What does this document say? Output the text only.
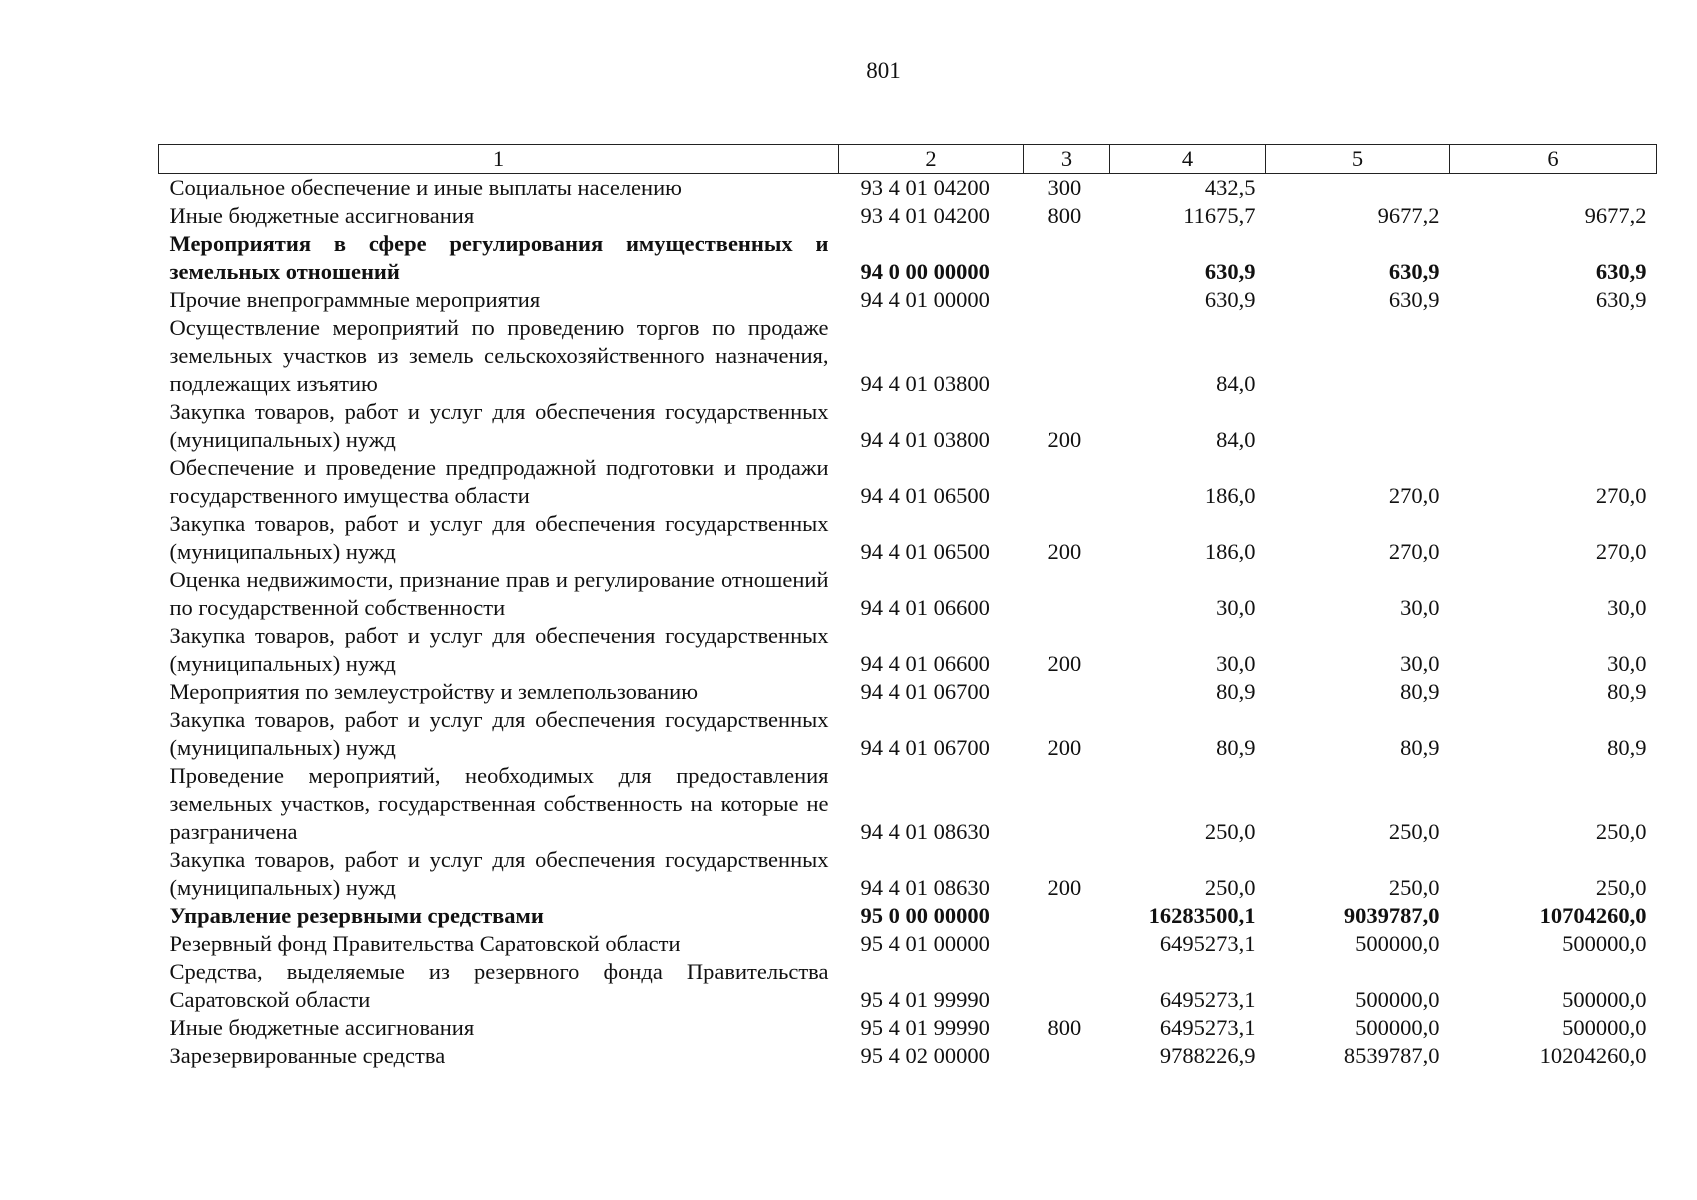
801
1	2	3	4	5	6
Социальное обеспечение и иные выплаты населению	93 4 01 04200	300	432,5		
Иные бюджетные ассигнования	93 4 01 04200	800	11675,7	9677,2	9677,2
Мероприятия в сфере регулирования имущественных и земельных отношений	94 0 00 00000		630,9	630,9	630,9
Прочие внепрограммные мероприятия	94 4 01 00000		630,9	630,9	630,9
Осуществление мероприятий по проведению торгов по продаже земельных участков из земель сельскохозяйственного назначения, подлежащих изъятию	94 4 01 03800		84,0		
Закупка товаров, работ и услуг для обеспечения государственных (муниципальных) нужд	94 4 01 03800	200	84,0		
Обеспечение и проведение предпродажной подготовки и продажи государственного имущества области	94 4 01 06500		186,0	270,0	270,0
Закупка товаров, работ и услуг для обеспечения государственных (муниципальных) нужд	94 4 01 06500	200	186,0	270,0	270,0
Оценка недвижимости, признание прав и регулирование отношений по государственной собственности	94 4 01 06600		30,0	30,0	30,0
Закупка товаров, работ и услуг для обеспечения государственных (муниципальных) нужд	94 4 01 06600	200	30,0	30,0	30,0
Мероприятия по землеустройству и землепользованию	94 4 01 06700		80,9	80,9	80,9
Закупка товаров, работ и услуг для обеспечения государственных (муниципальных) нужд	94 4 01 06700	200	80,9	80,9	80,9
Проведение мероприятий, необходимых для предоставления земельных участков, государственная собственность на которые не разграничена	94 4 01 08630		250,0	250,0	250,0
Закупка товаров, работ и услуг для обеспечения государственных (муниципальных) нужд	94 4 01 08630	200	250,0	250,0	250,0
Управление резервными средствами	95 0 00 00000		16283500,1	9039787,0	10704260,0
Резервный фонд Правительства Саратовской области	95 4 01 00000		6495273,1	500000,0	500000,0
Средства, выделяемые из резервного фонда Правительства Саратовской области	95 4 01 99990		6495273,1	500000,0	500000,0
Иные бюджетные ассигнования	95 4 01 99990	800	6495273,1	500000,0	500000,0
Зарезервированные средства	95 4 02 00000		9788226,9	8539787,0	10204260,0
